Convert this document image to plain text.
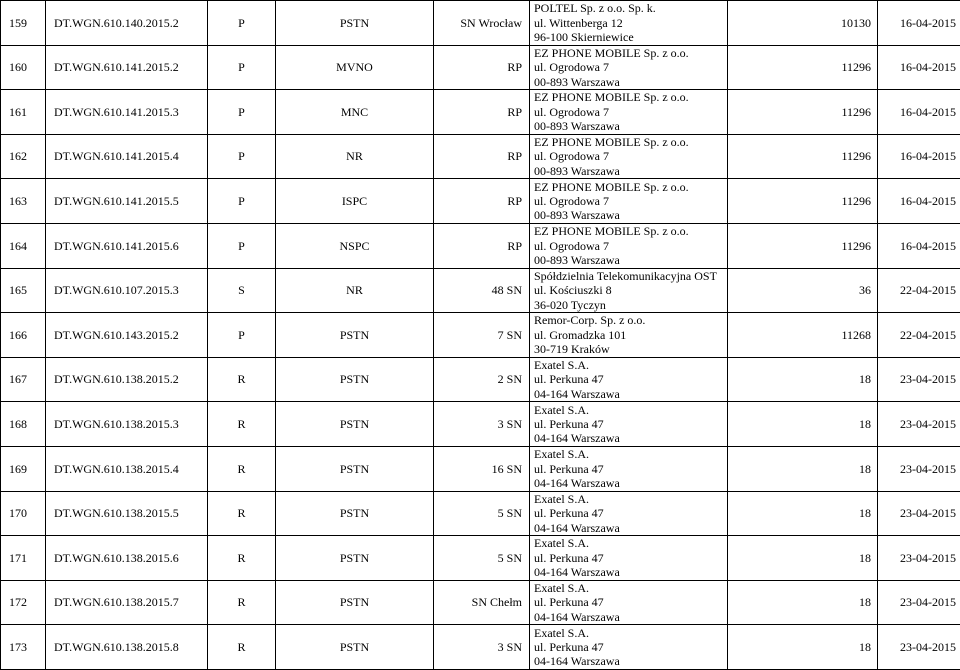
159	DT.WGN.610.140.2015.2	P	PSTN	SN Wrocław	POLTEL Sp. z o.o. Sp. k.
ul. Wittenberga 12
96-100 Skierniewice	10130	16-04-2015
160	DT.WGN.610.141.2015.2	P	MVNO	RP	EZ PHONE MOBILE Sp. z o.o.
ul. Ogrodowa 7
00-893 Warszawa	11296	16-04-2015
161	DT.WGN.610.141.2015.3	P	MNC	RP	EZ PHONE MOBILE Sp. z o.o.
ul. Ogrodowa 7
00-893 Warszawa	11296	16-04-2015
162	DT.WGN.610.141.2015.4	P	NR	RP	EZ PHONE MOBILE Sp. z o.o.
ul. Ogrodowa 7
00-893 Warszawa	11296	16-04-2015
163	DT.WGN.610.141.2015.5	P	ISPC	RP	EZ PHONE MOBILE Sp. z o.o.
ul. Ogrodowa 7
00-893 Warszawa	11296	16-04-2015
164	DT.WGN.610.141.2015.6	P	NSPC	RP	EZ PHONE MOBILE Sp. z o.o.
ul. Ogrodowa 7
00-893 Warszawa	11296	16-04-2015
165	DT.WGN.610.107.2015.3	S	NR	48 SN	Spółdzielnia Telekomunikacyjna OST
ul. Kościuszki 8
36-020 Tyczyn	36	22-04-2015
166	DT.WGN.610.143.2015.2	P	PSTN	7 SN	Remor-Corp. Sp. z o.o.
ul. Gromadzka 101
30-719 Kraków	11268	22-04-2015
167	DT.WGN.610.138.2015.2	R	PSTN	2 SN	Exatel S.A.
ul. Perkuna 47
04-164 Warszawa	18	23-04-2015
168	DT.WGN.610.138.2015.3	R	PSTN	3 SN	Exatel S.A.
ul. Perkuna 47
04-164 Warszawa	18	23-04-2015
169	DT.WGN.610.138.2015.4	R	PSTN	16 SN	Exatel S.A.
ul. Perkuna 47
04-164 Warszawa	18	23-04-2015
170	DT.WGN.610.138.2015.5	R	PSTN	5 SN	Exatel S.A.
ul. Perkuna 47
04-164 Warszawa	18	23-04-2015
171	DT.WGN.610.138.2015.6	R	PSTN	5 SN	Exatel S.A.
ul. Perkuna 47
04-164 Warszawa	18	23-04-2015
172	DT.WGN.610.138.2015.7	R	PSTN	SN Chełm	Exatel S.A.
ul. Perkuna 47
04-164 Warszawa	18	23-04-2015
173	DT.WGN.610.138.2015.8	R	PSTN	3 SN	Exatel S.A.
ul. Perkuna 47
04-164 Warszawa	18	23-04-2015
